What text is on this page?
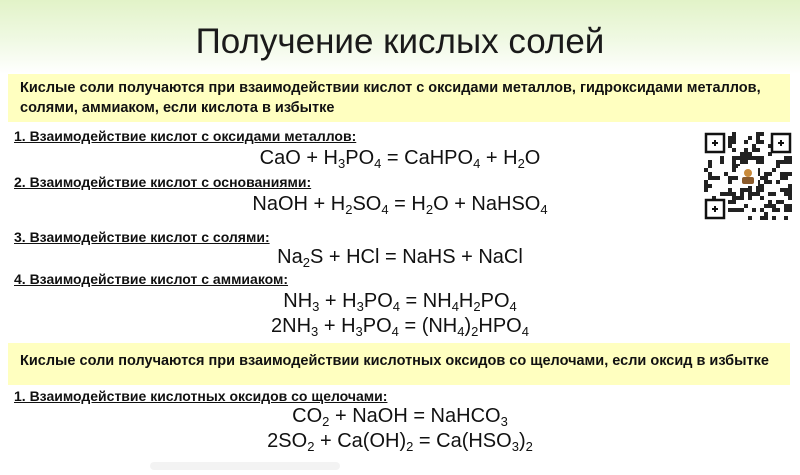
Получение кислых солей
Кислые соли получаются при взаимодействии кислот с оксидами металлов, гидроксидами металлов, солями, аммиаком, если кислота в избытке
1. Взаимодействие кислот с оксидами металлов:
CaO + $H_3PO_4$ = CaHPO$_4$ + $H_2O$
2. Взаимодействие кислот с основаниями:
NaOH + $H_2SO_4 = H_2O$ + NaHSO$_4$
3. Взаимодействие кислот с солями:
$Na_2S$ + HCl = NaHS + NaCl
4. Взаимодействие кислот с аммиаком:
$NH_3 + H_3PO_4 = NH_4H_2PO_4$
$2NH_3 + H_3PO_4 = (NH_4)_2HPO_4$
Кислые соли получаются при взаимодействии кислотных оксидов со щелочами, если оксид в избытке
1. Взаимодействие кислотных оксидов со щелочами:
$CO_2$ + NaOH = NaHCO$_3$
$2SO_2 + Ca(OH)_2 = Ca(HSO_3)_2$
